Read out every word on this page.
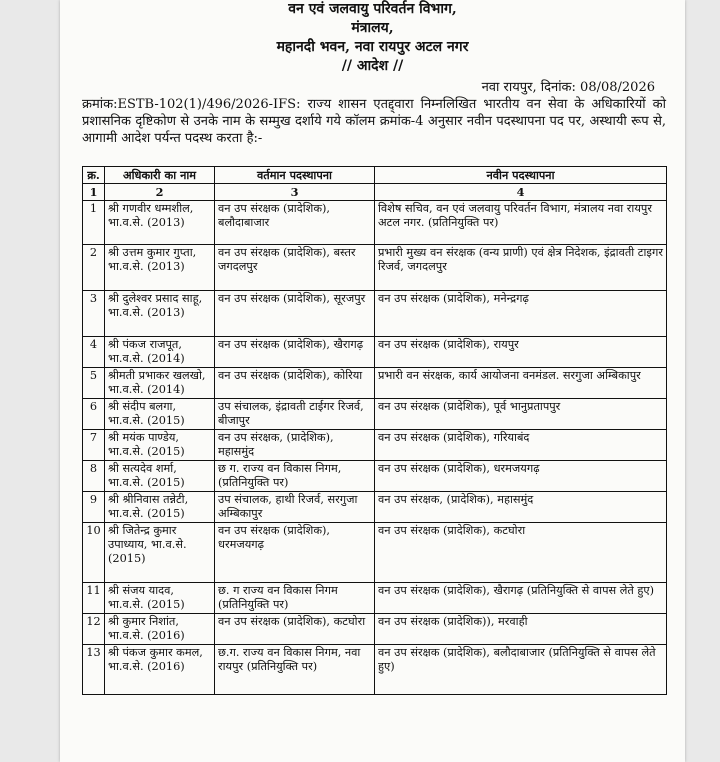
वन एवं जलवायु परिवर्तन विभाग,
मंत्रालय,
महानदी भवन, नवा रायपुर अटल नगर
// आदेश //
नवा रायपुर, दिनांक: 08/08/2026
क्रमांक:ESTB-102(1)/496/2026-IFS: राज्य शासन एतद्द्वारा निम्नलिखित भारतीय वन सेवा के अधिकारियों को प्रशासनिक दृष्टिकोण से उनके नाम के सम्मुख दर्शाये गये कॉलम क्रमांक-4 अनुसार नवीन पदस्थापना पद पर, अस्थायी रूप से, आगामी आदेश पर्यन्त पदस्थ करता है:-
क्र.	अधिकारी का नाम	वर्तमान पदस्थापना	नवीन पदस्थापना
1	2	3	4
1	श्री गणवीर धम्मशील, भा.व.से. (2013)	वन उप संरक्षक (प्रादेशिक), बलौदाबाजार	विशेष सचिव, वन एवं जलवायु परिवर्तन विभाग, मंत्रालय नवा रायपुर अटल नगर. (प्रतिनियुक्ति पर)
2	श्री उत्तम कुमार गुप्ता, भा.व.से. (2013)	वन उप संरक्षक (प्रादेशिक), बस्तर जगदलपुर	प्रभारी मुख्य वन संरक्षक (वन्य प्राणी) एवं क्षेत्र निदेशक, इंद्रावती टाइगर रिजर्व, जगदलपुर
3	श्री दुलेश्वर प्रसाद साहू, भा.व.से. (2013)	वन उप संरक्षक (प्रादेशिक), सूरजपुर	वन उप संरक्षक (प्रादेशिक), मनेन्द्रगढ़
4	श्री पंकज राजपूत, भा.व.से. (2014)	वन उप संरक्षक (प्रादेशिक), खैरागढ़	वन उप संरक्षक (प्रादेशिक), रायपुर
5	श्रीमती प्रभाकर खलखो, भा.व.से. (2014)	वन उप संरक्षक (प्रादेशिक), कोरिया	प्रभारी वन संरक्षक, कार्य आयोजना वनमंडल. सरगुजा अम्बिकापुर
6	श्री संदीप बलगा, भा.व.से. (2015)	उप संचालक, इंद्रावती टाईगर रिजर्व, बीजापुर	वन उप संरक्षक (प्रादेशिक), पूर्व भानुप्रतापपुर
7	श्री मयंक पाण्डेय, भा.व.से. (2015)	वन उप संरक्षक, (प्रादेशिक), महासमुंद	वन उप संरक्षक (प्रादेशिक), गरियाबंद
8	श्री सत्यदेव शर्मा, भा.व.से. (2015)	छ ग. राज्य वन विकास निगम, (प्रतिनियुक्ति पर)	वन उप संरक्षक (प्रादेशिक), धरमजयगढ़
9	श्री श्रीनिवास तन्नेटी, भा.व.से. (2015)	उप संचालक, हाथी रिजर्व, सरगुजा अम्बिकापुर	वन उप संरक्षक, (प्रादेशिक), महासमुंद
10	श्री जितेन्द्र कुमार उपाध्याय, भा.व.से. (2015)	वन उप संरक्षक (प्रादेशिक), धरमजयगढ़	वन उप संरक्षक (प्रादेशिक), कटघोरा
11	श्री संजय यादव, भा.व.से. (2015)	छ. ग राज्य वन विकास निगम (प्रतिनियुक्ति पर)	वन उप संरक्षक (प्रादेशिक), खैरागढ़ (प्रतिनियुक्ति से वापस लेते हुए)
12	श्री कुमार निशांत, भा.व.से. (2016)	वन उप संरक्षक (प्रादेशिक), कटघोरा	वन उप संरक्षक (प्रादेशिक)), मरवाही
13	श्री पंकज कुमार कमल, भा.व.से. (2016)	छ.ग. राज्य वन विकास निगम, नवा रायपुर (प्रतिनियुक्ति पर)	वन उप संरक्षक (प्रादेशिक), बलौदाबाजार (प्रतिनियुक्ति से वापस लेते हुए)
